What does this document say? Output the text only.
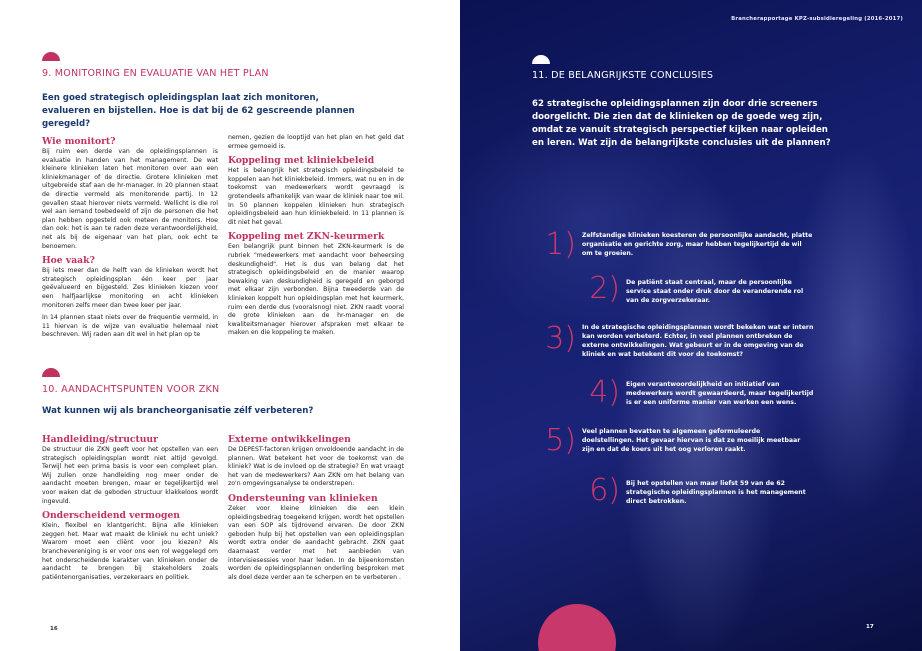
9. MONITORING EN EVALUATIE VAN HET PLAN
Een goed strategisch opleidingsplan laat zich monitoren, evalueren en bijstellen. Hoe is dat bij de 62 gescreende plannen geregeld?
Wie monitort?

Bij ruim een derde van de opleidingsplannen is evaluatie in handen van het management. De wat kleinere klinieken laten het monitoren over aan een kliniekmanager of de directie. Grotere klinieken met uitgebreide staf aan de hr-manager. In 20 plannen staat de directie vermeld als monitorende partij. In 12 gevallen staat hierover niets vermeld. Wellicht is die rol wel aan iemand toebedeeld of zijn de personen die het plan hebben opgesteld ook meteen de monitors. Hoe dan ook: het is aan te raden deze verantwoordelijkheid, net als bij de eigenaar van het plan, ook echt te benoemen.

Hoe vaak?

Bij iets meer dan de helft van de klinieken wordt het strategisch opleidingsplan één keer per jaar geëvalueerd en bijgesteld. Zes klinieken kiezen voor een halfjaarlijkse monitoring en acht klinieken monitoren zelfs meer dan twee keer per jaar.

In 14 plannen staat niets over de frequentie vermeld, in 11 hiervan is de wijze van evaluatie helemaal niet beschreven. Wij raden aan dit wel in het plan op te

nemen, gezien de looptijd van het plan en het geld dat ermee gemoeid is.

Koppeling met kliniekbeleid

Het is belangrijk het strategisch opleidingsbeleid te koppelen aan het kliniekbeleid. Immers, wat nu en in de toekomst van medewerkers wordt gevraagd is grotendeels afhankelijk van waar de kliniek naar toe wil. In 50 plannen koppelen klinieken hun strategisch opleidingsbeleid aan hun kliniekbeleid. In 11 plannen is dit niet het geval.

Koppeling met ZKN-keurmerk

Een belangrijk punt binnen het ZKN-keurmerk is de rubriek "medewerkers met aandacht voor beheersing deskundigheid". Het is dus van belang dat het strategisch opleidingsbeleid en de manier waarop bewaking van deskundigheid is geregeld en geborgd met elkaar zijn verbonden. Bijna tweederde van de klinieken koppelt hun opleidingsplan met het keurmerk, ruim een derde dus (vooralsnog) niet. ZKN raadt vooral de grote klinieken aan de hr-manager en de kwaliteitsmanager hierover afspraken met elkaar te maken en die koppeling te maken.

10. AANDACHTSPUNTEN VOOR ZKN
Wat kunnen wij als brancheorganisatie zélf verbeteren?
Handleiding/structuur

De structuur die ZKN geeft voor het opstellen van een strategisch opleidingsplan wordt niet altijd gevolgd. Terwijl het een prima basis is voor een compleet plan. Wij zullen onze handleiding nog meer onder de aandacht moeten brengen, maar er tegelijkertijd wel voor waken dat de geboden structuur klakkeloos wordt ingevuld.

Onderscheidend vermogen

Klein, flexibel en klantgericht. Bijna alle klinieken zeggen het. Maar wat maakt de kliniek nu echt uniek? Waarom moet een cliënt voor jou kiezen? Als branchevereniging is er voor ons een rol weggelegd om het onderscheidende karakter van klinieken onder de aandacht te brengen bij stakeholders zoals patiëntenorganisaties, verzekeraars en politiek.

Externe ontwikkelingen

De DEPEST-factoren krijgen onvoldoende aandacht in de plannen. Wat betekent het voor de toekomst van de kliniek? Wat is de invloed op de strategie? En wat vraagt het van de medewerkers? Aan ZKN om het belang van zo'n omgevingsanalyse te onderstrepen.

Ondersteuning van klinieken

Zeker voor kleine klinieken die een klein opleidingsbedrag toegekend krijgen, wordt het opstellen van een SOP als tijdrovend ervaren. De door ZKN geboden hulp bij het opstellen van een opleidingsplan wordt extra onder de aandacht gebracht. ZKN gaat daarnaast verder met het aanbieden van intervisiesessies voor haar leden. In de bijeenkomsten worden de opleidingsplannen onderling besproken met als doel deze verder aan te scherpen en te verbeteren .

16
Brancherapportage KPZ-subsidieregeling (2016-2017)
11. DE BELANGRIJKSTE CONCLUSIES
62 strategische opleidingsplannen zijn door drie screeners doorgelicht. Die zien dat de klinieken op de goede weg zijn, omdat ze vanuit strategisch perspectief kijken naar opleiden en leren. Wat zijn de belangrijkste conclusies uit de plannen?
1) Zelfstandige klinieken koesteren de persoonlijke aandacht, platte organisatie en gerichte zorg, maar hebben tegelijkertijd de wil om te groeien.
2) De patiënt staat centraal, maar de persoonlijke service staat onder druk door de veranderende rol van de zorgverzekeraar.
3) In de strategische opleidingsplannen wordt bekeken wat er intern kan worden verbeterd. Echter, in veel plannen ontbreken de externe ontwikkelingen. Wat gebeurt er in de omgeving van de kliniek en wat betekent dit voor de toekomst?
4) Eigen verantwoordelijkheid en initiatief van medewerkers wordt gewaardeerd, maar tegelijkertijd is er een uniforme manier van werken een wens.
5) Veel plannen bevatten te algemeen geformuleerde doelstellingen. Het gevaar hiervan is dat ze moeilijk meetbaar zijn en dat de koers uit het oog verloren raakt.
6) Bij het opstellen van maar liefst 59 van de 62 strategische opleidingsplannen is het management direct betrokken.
17
